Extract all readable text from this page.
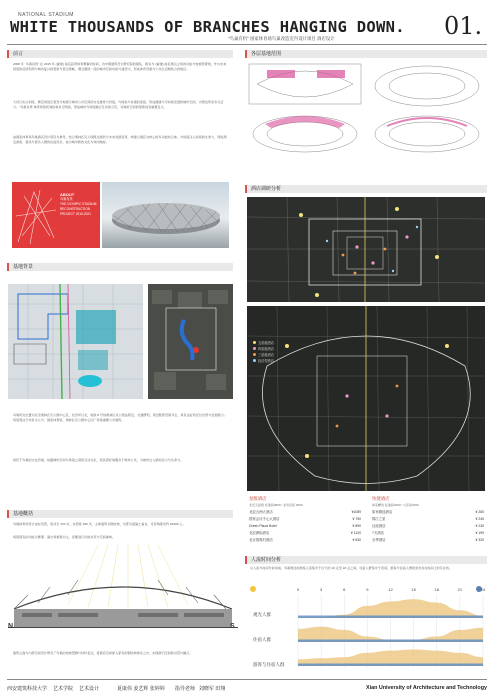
NATIONAL STADIUM
WHITE THOUSANDS OF BRANCHES HANGING DOWN. 01.
"鸟巢有机" 国家体育场鸟巢改造室内设计项目 酒店设计
前言
2008 年 “鸟巢有机” 在 2015 年 (重建) 前后获得体育赛事的时间，自中国建筑设计研究院的团队，相对与 (重建) 前后奥运主场的功能与转换型规划，作为未来场馆的后续利用与城市复兴的更新与营运策略，理念围绕一流的城市空间功能与建设中，形成体育设施与公众生活相结合的地区。
大好以实达训练，赛后场馆应更充分地展示城市公共空间的文化属性与价值，与地铁与步道的连接，形成健康与可持续发展的城市空间，为周边带来多元活力。“鸟巢有机”体育场依托地铁和步行网络，形成城市与场馆融合互动的示范，对城市空间的更新具有重要意义。
由国家体育场鸟巢酒店设计项目为参考，结合奥林匹克公园周边现状与未来发展趋势，构建以酒店为核心的多功能综合体，为场馆注入持续的生命力，同时满足游客、观众与商务人群的住宿需求，成为城市新的文化与休闲地标。
ABOUT
鸟巢有机
THE OLYMPIC STADIUM RECONSTRUCTION
PROJECT 2015-2021
基地背景
鸟巢所处位置为北京奥林匹克公园中心区，北四环以北，地铁 8 号线奥林匹克公园站附近，交通便利，周边配套设施齐全，具有良好的区位优势与发展潜力。场馆周边分布有水立方、国家体育馆、奥林匹克公园中心区广场等重要公共建筑。
依托于鸟巢的文化价值，挖掘城市空间与场馆之间的互动关系，使其更好地服务于城市公众，为城市注入新的活力与生命力。
基地概括
鸟巢体育场设计由东至西，南北长 333 米，东西宽 296 米，主体建筑为钢结构，内部为混凝土看台，可容纳观众约 91000 人。
场馆现有的功能以赛事、演出和参观为主，需要进行功能补充与空间重构。
N	S
建筑立面与内部空间设计研究了鸟巢的结构逻辑与材料表达，将酒店空间嵌入原有的钢结构体系之中，实现新旧空间的对话与融合。
各层基地范围
酒店调研分析
五星级酒店
四星级酒店
三星级酒店
经济型酒店
星级酒店
北辰五星级 标准间¥800 / 北辰四星 ¥600
北辰五洲大酒店	¥1089
国家会议中心大酒店	¥ 750
Green Plaza Hotel	¥ 890
北辰洲际酒店	¥ 1120
北京国奥村酒店	¥ 630
快捷酒店
如家精选 标准间¥260 / 大床间¥300
如家精选酒店	¥ 260
锦江之星	¥ 245
汉庭酒店	¥ 230
7天酒店	¥ 199
全季酒店	¥ 320
人流时间分析
从人流与时间分析来看，鸟巢周边的游客人流集中于白天的 10 点至 18 点之间，住宿人群集中于夜间，游客与住宿人群的需求存在时间上的互补性。
观光人群
住宿人群
游客与住宿人群
0	3	6	9	12	15	18	21	24
西安建筑科技大学 艺术学院 艺术设计	夏康伟 姜艺辉 张婷婷 指导老师 刘晓军 田翔	Xian University of Architecture and Technology
